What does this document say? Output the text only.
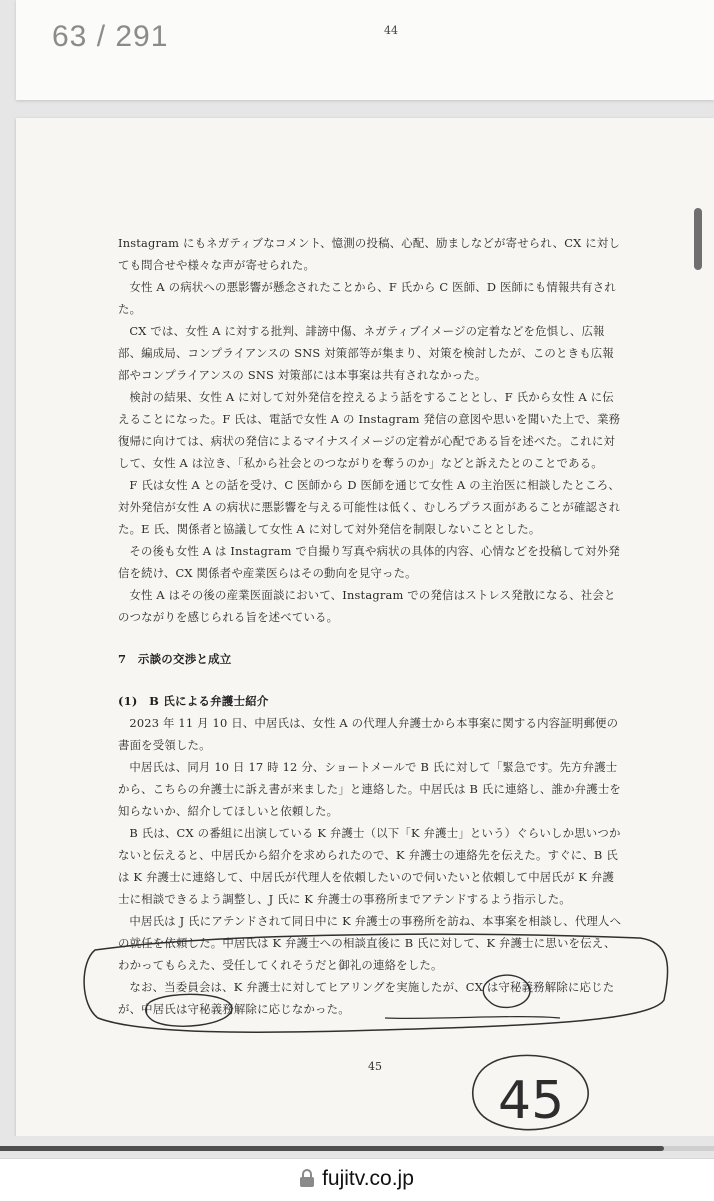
63 / 291	44

Instagram にもネガティブなコメント、憶測の投稿、心配、励ましなどが寄せられ、CX に対しても問合せや様々な声が寄せられた。

女性 A の病状への悪影響が懸念されたことから、F 氏から C 医師、D 医師にも情報共有された。

CX では、女性 A に対する批判、誹謗中傷、ネガティブイメージの定着などを危惧し、広報部、編成局、コンプライアンスの SNS 対策部等が集まり、対策を検討したが、このときも広報部やコンプライアンスの SNS 対策部には本事案は共有されなかった。

検討の結果、女性 A に対して対外発信を控えるよう話をすることとし、F 氏から女性 A に伝えることになった。F 氏は、電話で女性 A の Instagram 発信の意図や思いを聞いた上で、業務復帰に向けては、病状の発信によるマイナスイメージの定着が心配である旨を述べた。これに対して、女性 A は泣き、「私から社会とのつながりを奪うのか」などと訴えたとのことである。

F 氏は女性 A との話を受け、C 医師から D 医師を通じて女性 A の主治医に相談したところ、対外発信が女性 A の病状に悪影響を与える可能性は低く、むしろプラス面があることが確認された。E 氏、関係者と協議して女性 A に対して対外発信を制限しないこととした。

その後も女性 A は Instagram で自撮り写真や病状の具体的内容、心情などを投稿して対外発信を続け、CX 関係者や産業医らはその動向を見守った。

女性 A はその後の産業医面談において、Instagram での発信はストレス発散になる、社会とのつながりを感じられる旨を述べている。

7　示談の交渉と成立
(1)　B 氏による弁護士紹介

2023 年 11 月 10 日、中居氏は、女性 A の代理人弁護士から本事案に関する内容証明郵便の書面を受領した。

中居氏は、同月 10 日 17 時 12 分、ショートメールで B 氏に対して「緊急です。先方弁護士から、こちらの弁護士に訴え書が来ました」と連絡した。中居氏は B 氏に連絡し、誰か弁護士を知らないか、紹介してほしいと依頼した。

B 氏は、CX の番組に出演している K 弁護士（以下「K 弁護士」という）ぐらいしか思いつかないと伝えると、中居氏から紹介を求められたので、K 弁護士の連絡先を伝えた。すぐに、B 氏は K 弁護士に連絡して、中居氏が代理人を依頼したいので伺いたいと依頼して中居氏が K 弁護士に相談できるよう調整し、J 氏に K 弁護士の事務所までアテンドするよう指示した。

中居氏は J 氏にアテンドされて同日中に K 弁護士の事務所を訪ね、本事案を相談し、代理人への就任を依頼した。中居氏は K 弁護士への相談直後に B 氏に対して、K 弁護士に思いを伝え、わかってもらえた、受任してくれそうだと御礼の連絡をした。

なお、当委員会は、K 弁護士に対してヒアリングを実施したが、CX は守秘義務解除に応じたが、中居氏は守秘義務解除に応じなかった。

45
45
fujitv.co.jp
